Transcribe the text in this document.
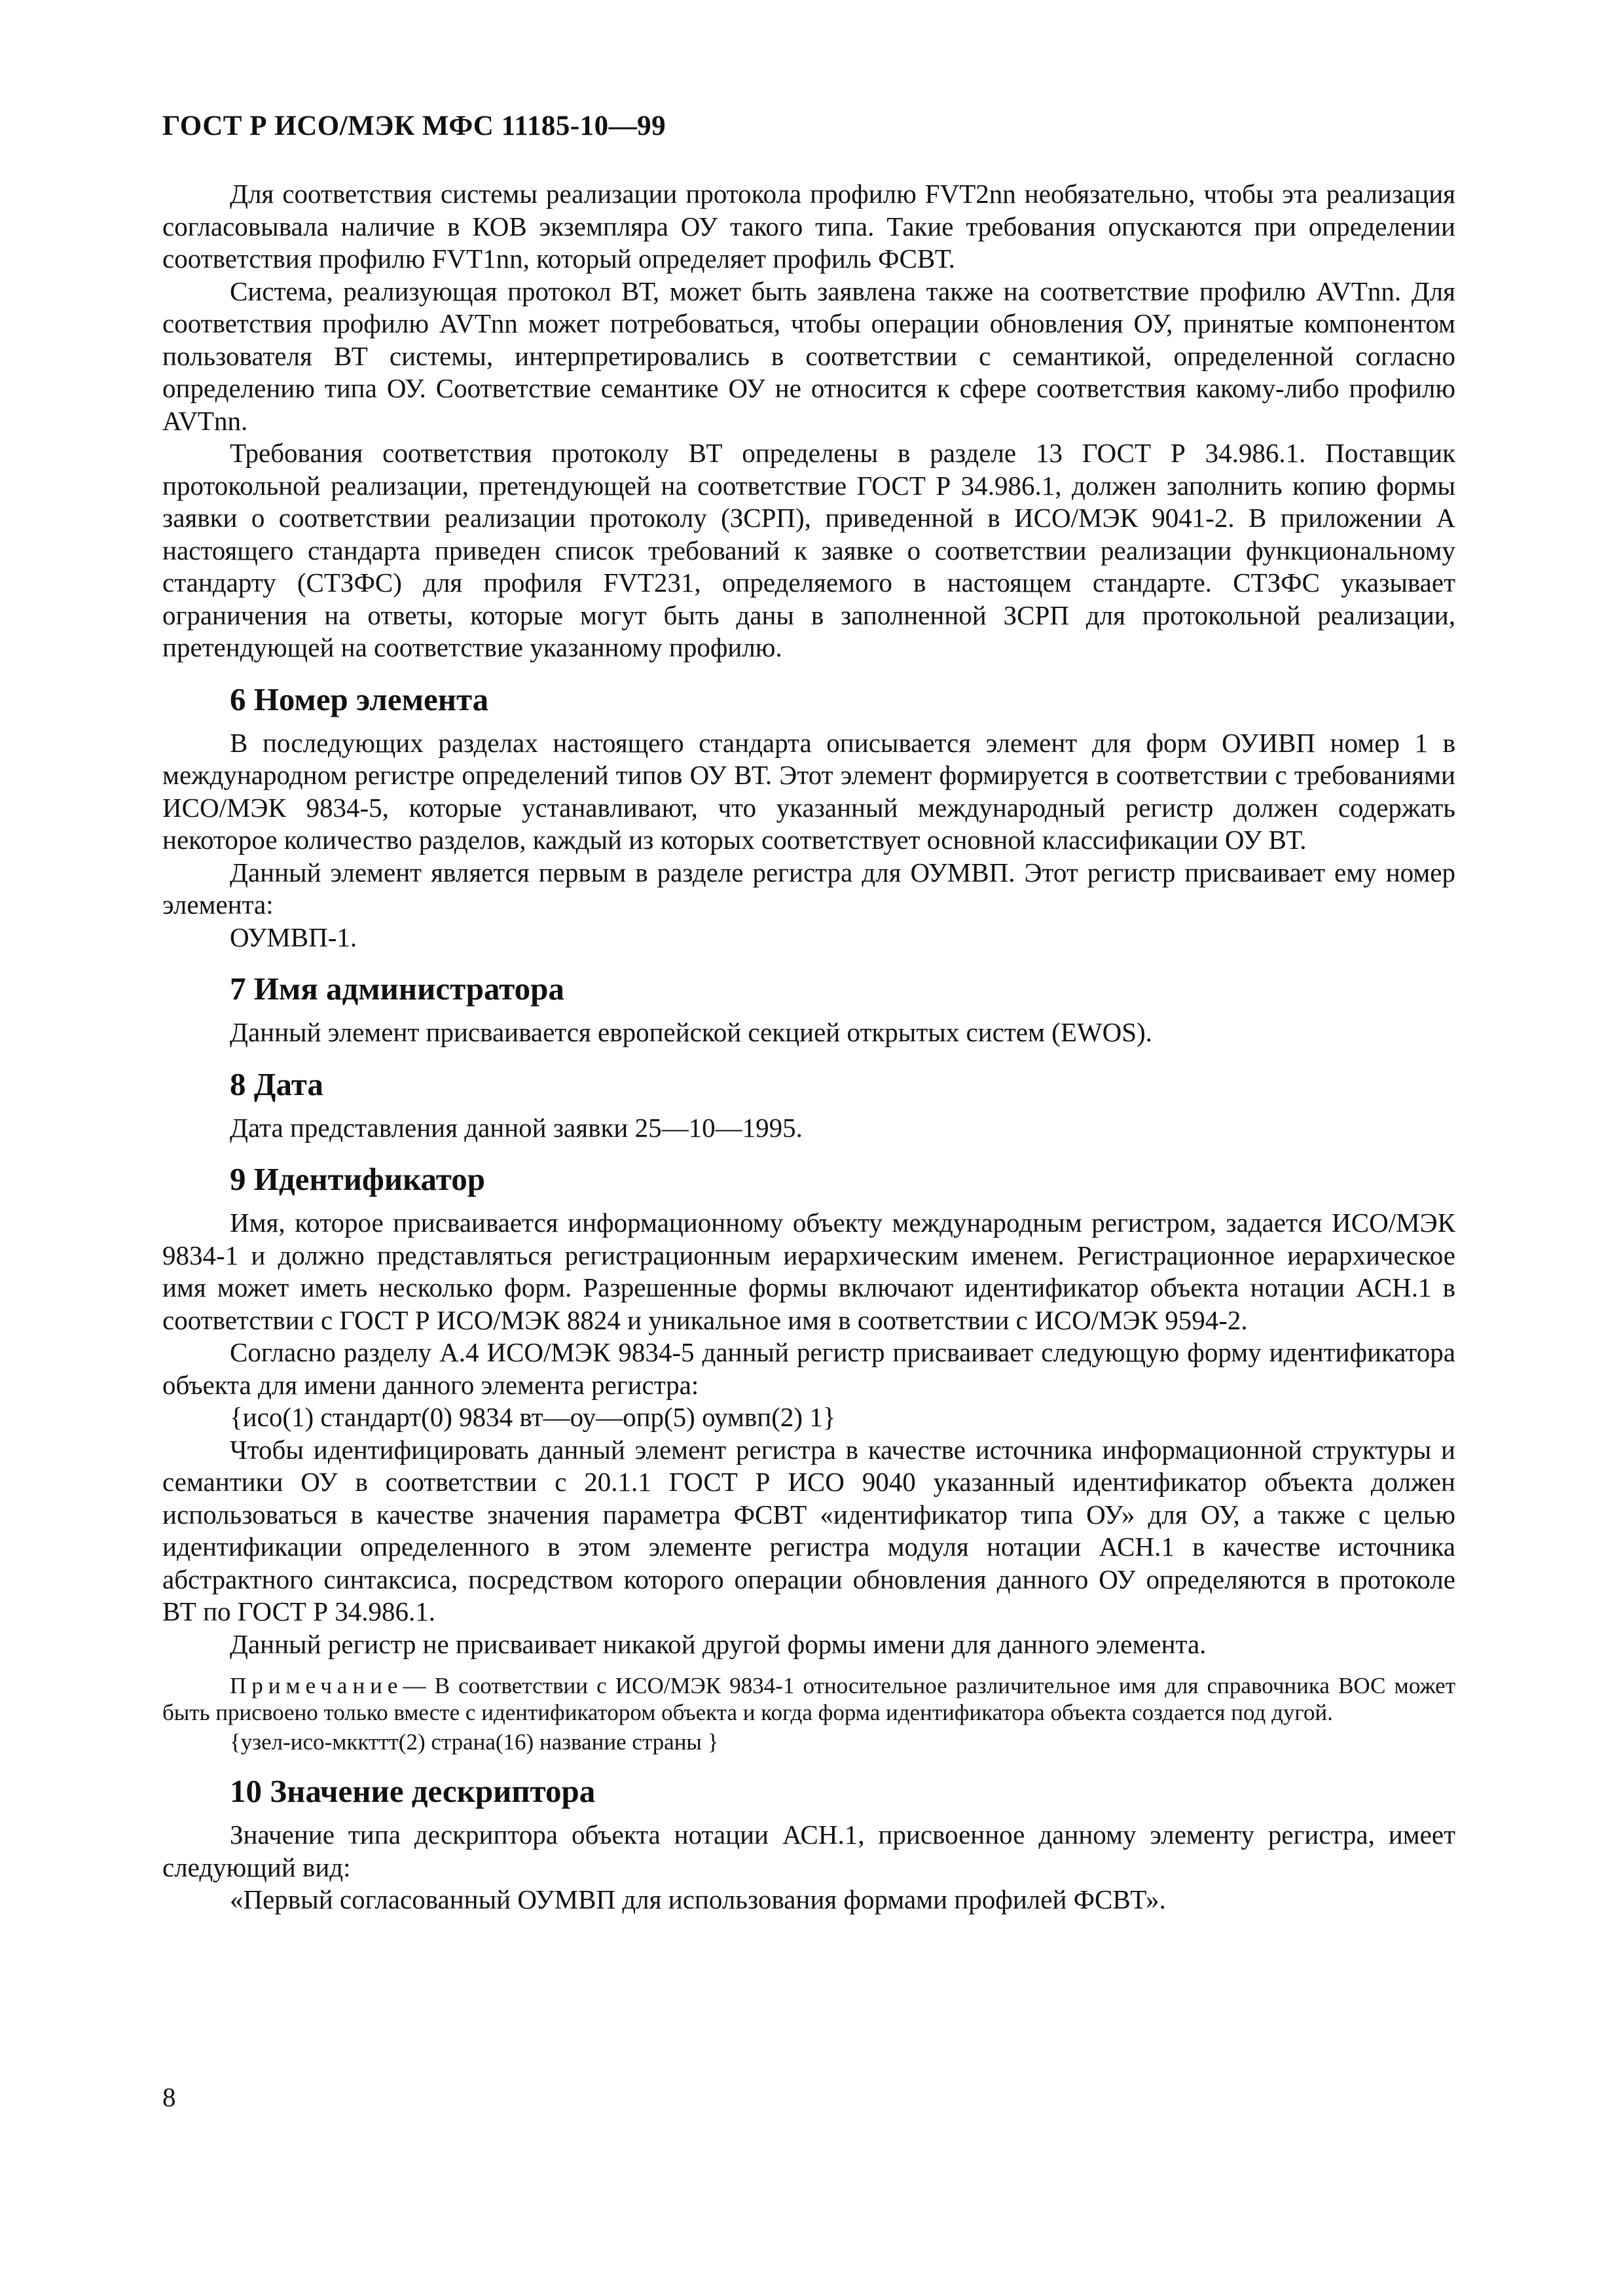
ГОСТ Р ИСО/МЭК МФС 11185-10—99

Для соответствия системы реализации протокола профилю FVT2nn необязательно, чтобы эта реализация согласовывала наличие в КОВ экземпляра ОУ такого типа. Такие требования опускаются при определении соответствия профилю FVT1nn, который определяет профиль ФСВТ.

Система, реализующая протокол ВТ, может быть заявлена также на соответствие профилю AVTnn. Для соответствия профилю AVTnn может потребоваться, чтобы операции обновления ОУ, принятые компонентом пользователя ВТ системы, интерпретировались в соответствии с семантикой, определенной согласно определению типа ОУ. Соответствие семантике ОУ не относится к сфере соответствия какому-либо профилю AVTnn.

Требования соответствия протоколу ВТ определены в разделе 13 ГОСТ Р 34.986.1. Поставщик протокольной реализации, претендующей на соответствие ГОСТ Р 34.986.1, должен заполнить копию формы заявки о соответствии реализации протоколу (ЗСРП), приведенной в ИСО/МЭК 9041-2. В приложении А настоящего стандарта приведен список требований к заявке о соответствии реализации функциональному стандарту (СТЗФС) для профиля FVT231, определяемого в настоящем стандарте. СТЗФС указывает ограничения на ответы, которые могут быть даны в заполненной ЗСРП для протокольной реализации, претендующей на соответствие указанному профилю.

6 Номер элемента

В последующих разделах настоящего стандарта описывается элемент для форм ОУИВП номер 1 в международном регистре определений типов ОУ ВТ. Этот элемент формируется в соответствии с требованиями ИСО/МЭК 9834-5, которые устанавливают, что указанный международный регистр должен содержать некоторое количество разделов, каждый из которых соответствует основной классификации ОУ ВТ.

Данный элемент является первым в разделе регистра для ОУМВП. Этот регистр присваивает ему номер элемента:

ОУМВП-1.

7 Имя администратора

Данный элемент присваивается европейской секцией открытых систем (EWOS).

8 Дата

Дата представления данной заявки 25—10—1995.

9 Идентификатор

Имя, которое присваивается информационному объекту международным регистром, задается ИСО/МЭК 9834-1 и должно представляться регистрационным иерархическим именем. Регистрационное иерархическое имя может иметь несколько форм. Разрешенные формы включают идентификатор объекта нотации АСН.1 в соответствии с ГОСТ Р ИСО/МЭК 8824 и уникальное имя в соответствии с ИСО/МЭК 9594-2.

Согласно разделу А.4 ИСО/МЭК 9834-5 данный регистр присваивает следующую форму идентификатора объекта для имени данного элемента регистра:

{исо(1) стандарт(0) 9834 вт—оу—опр(5) оумвп(2) 1}

Чтобы идентифицировать данный элемент регистра в качестве источника информационной структуры и семантики ОУ в соответствии с 20.1.1 ГОСТ Р ИСО 9040 указанный идентификатор объекта должен использоваться в качестве значения параметра ФСВТ «идентификатор типа ОУ» для ОУ, а также с целью идентификации определенного в этом элементе регистра модуля нотации АСН.1 в качестве источника абстрактного синтаксиса, посредством которого операции обновления данного ОУ определяются в протоколе ВТ по ГОСТ Р 34.986.1.

Данный регистр не присваивает никакой другой формы имени для данного элемента.

Примечание— В соответствии с ИСО/МЭК 9834-1 относительное различительное имя для справочника ВОС может быть присвоено только вместе с идентификатором объекта и когда форма идентификатора объекта создается под дугой.

{узел-исо-мккттт(2) страна(16) название страны }

10 Значение дескриптора

Значение типа дескриптора объекта нотации АСН.1, присвоенное данному элементу регистра, имеет следующий вид:

«Первый согласованный ОУМВП для использования формами профилей ФСВТ».

8
